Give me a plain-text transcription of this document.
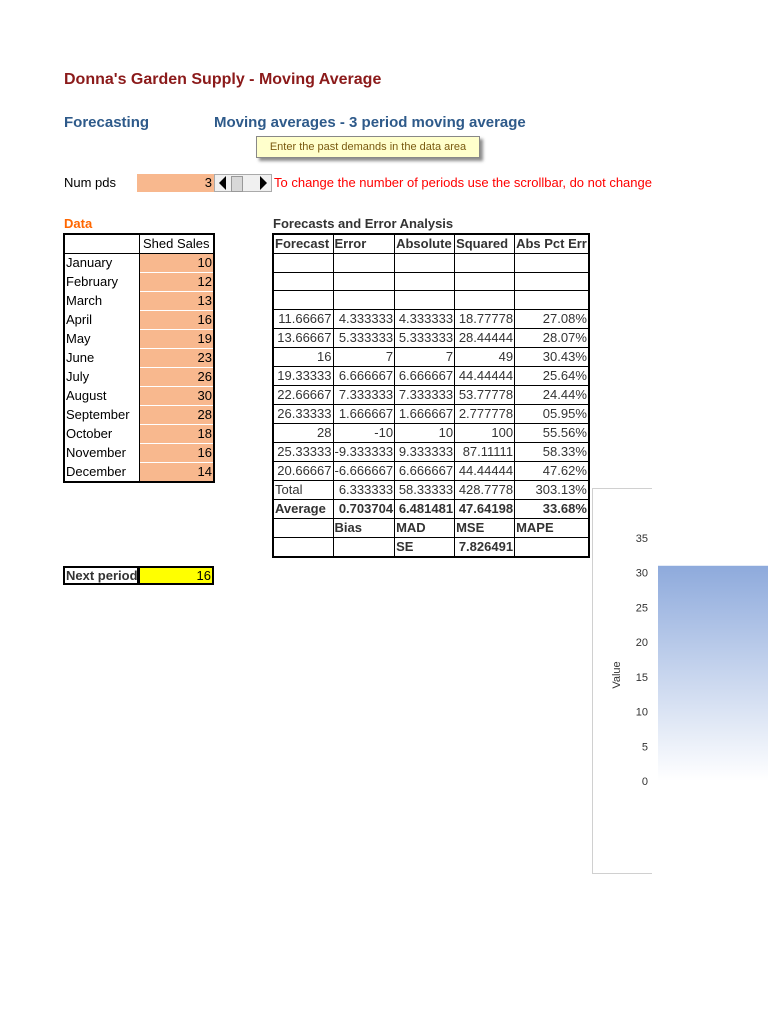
Donna's Garden Supply - Moving Average
Forecasting	Moving averages - 3 period moving average
Enter the past demands in the data area
Num pds	3	To change the number of periods use the scrollbar, do not change
Data	Forecasts and Error Analysis
	Shed Sales
January	10
February	12
March	13
April	16
May	19
June	23
July	26
August	30
September	28
October	18
November	16
December	14
Forecast	Error	Absolute	Squared	Abs Pct Err

11.66667	4.333333	4.333333	18.77778	27.08%
13.66667	5.333333	5.333333	28.44444	28.07%
16	7	7	49	30.43%
19.33333	6.666667	6.666667	44.44444	25.64%
22.66667	7.333333	7.333333	53.77778	24.44%
26.33333	1.666667	1.666667	2.777778	05.95%
28	-10	10	100	55.56%
25.33333	-9.333333	9.333333	87.11111	58.33%
20.66667	-6.666667	6.666667	44.44444	47.62%
Total	6.333333	58.33333	428.7778	303.13%
Average	0.703704	6.481481	47.64198	33.68%
	Bias	MAD	MSE	MAPE
		SE	7.826491	
Next period	16
Value
0
5
10
15
20
25
30
35
